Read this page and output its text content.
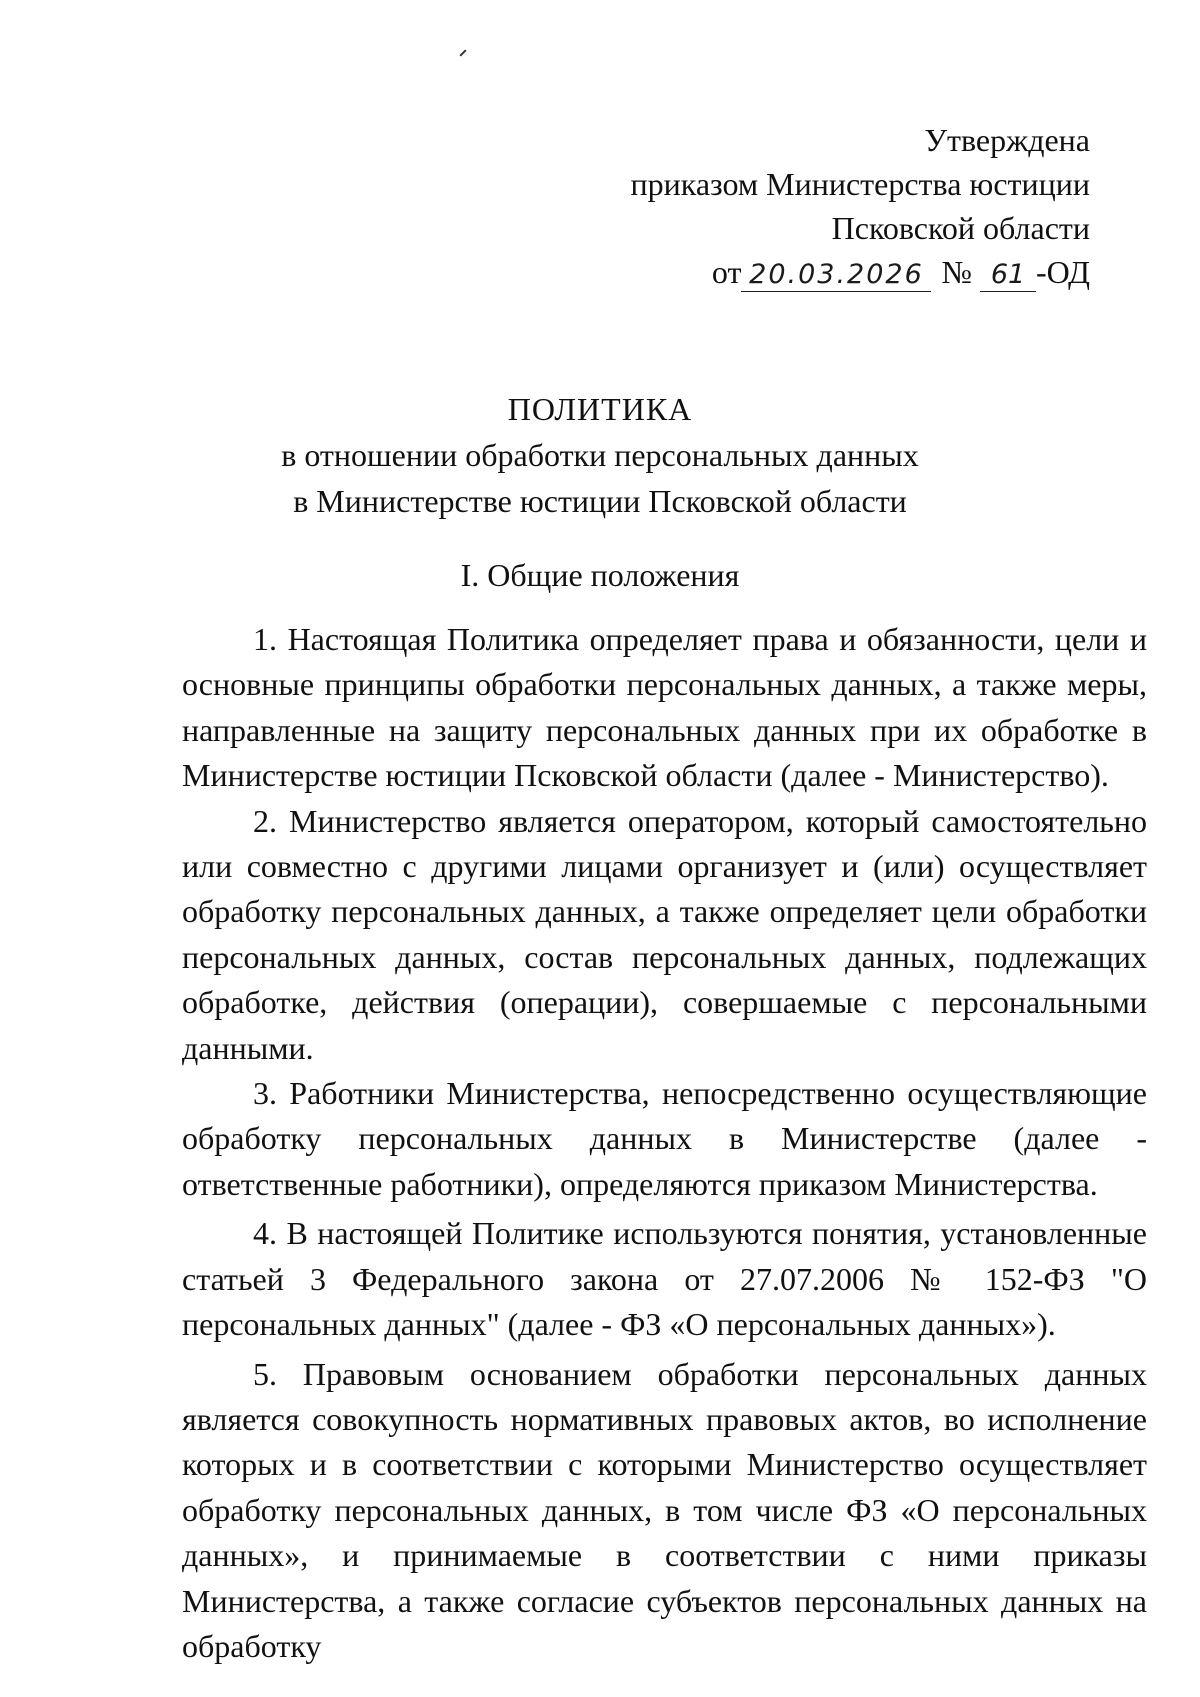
Утверждена
приказом Министерства юстиции
Псковской области
от 20.03.2026 № 61 -ОД
ПОЛИТИКА
в отношении обработки персональных данных
в Министерстве юстиции Псковской области
I. Общие положения

1. Настоящая Политика определяет права и обязанности, цели и основные принципы обработки персональных данных, а также меры, направленные на защиту персональных данных при их обработке в Министерстве юстиции Псковской области (далее - Министерство).

2. Министерство является оператором, который самостоятельно или совместно с другими лицами организует и (или) осуществляет обработку персональных данных, а также определяет цели обработки персональных данных, состав персональных данных, подлежащих обработке, действия (операции), совершаемые с персональными данными.

3. Работники Министерства, непосредственно осуществляющие обработку персональных данных в Министерстве (далее - ответственные работники), определяются приказом Министерства.

4. В настоящей Политике используются понятия, установленные статьей 3 Федерального закона от 27.07.2006 № 152-ФЗ "О персональных данных" (далее - ФЗ «О персональных данных»).

5. Правовым основанием обработки персональных данных является совокупность нормативных правовых актов, во исполнение которых и в соответствии с которыми Министерство осуществляет обработку персональных данных, в том числе ФЗ «О персональных данных», и принимаемые в соответствии с ними приказы Министерства, а также согласие субъектов персональных данных на обработку
